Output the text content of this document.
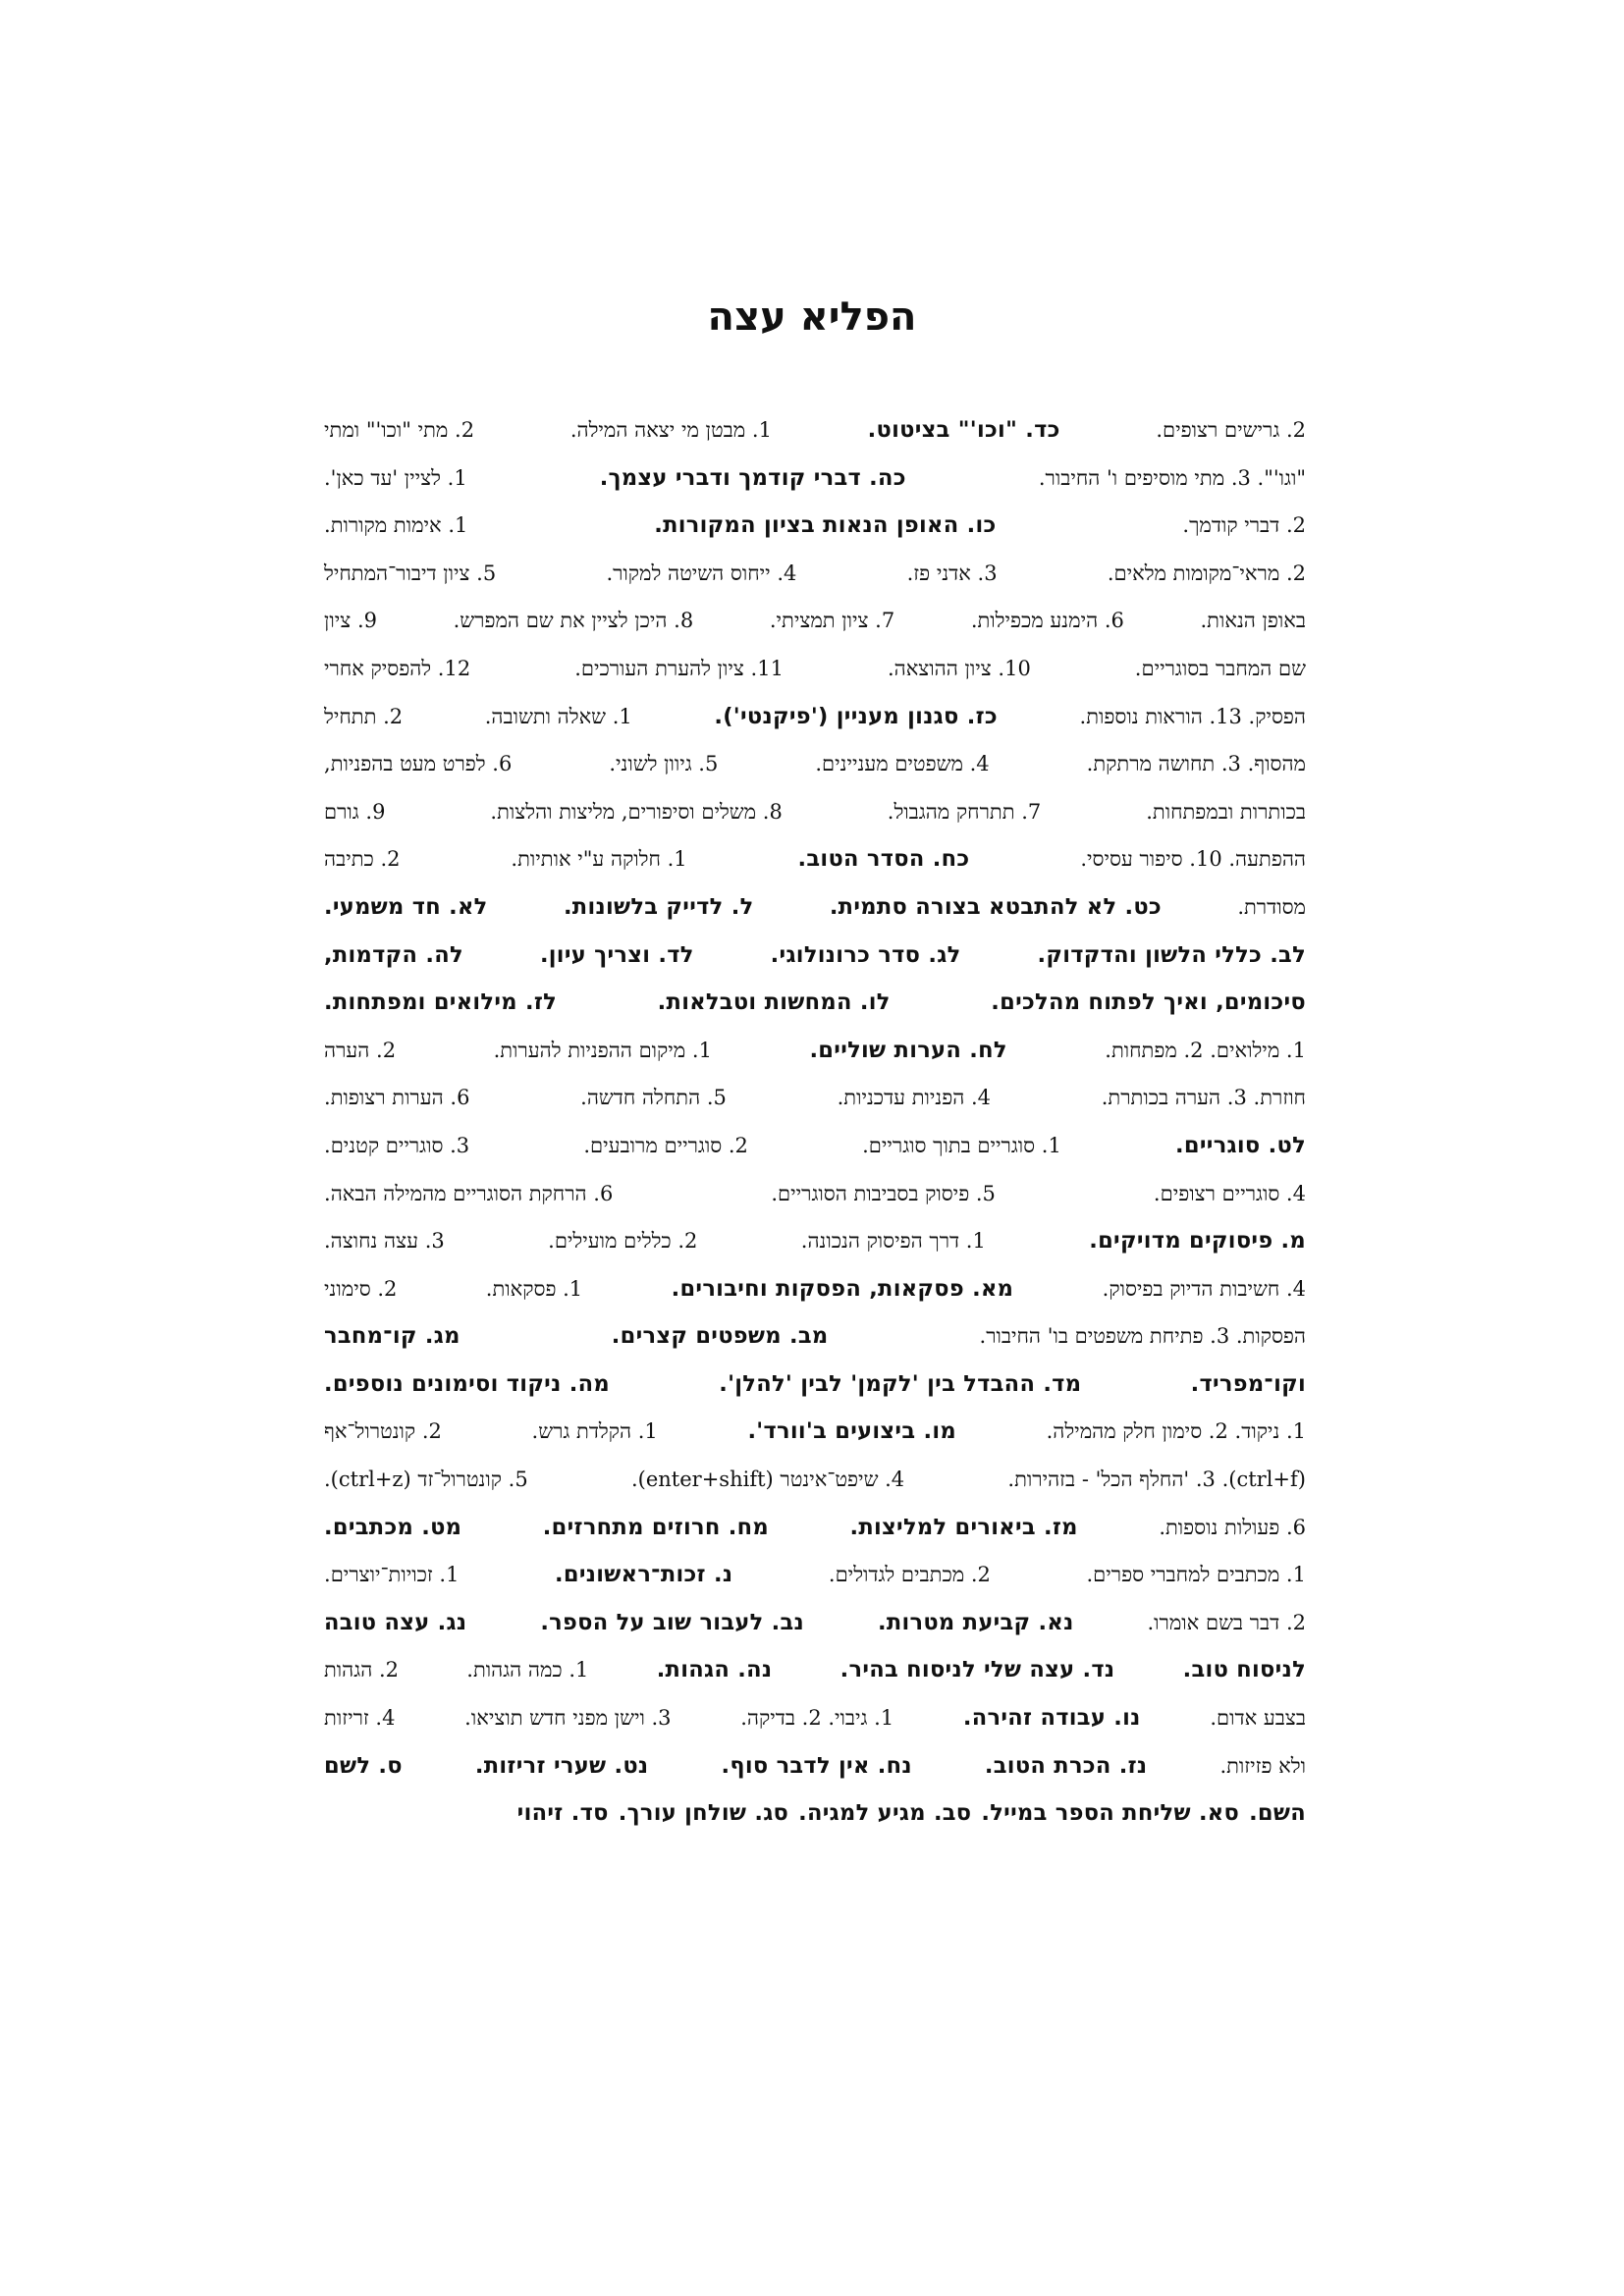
הפליא עצה
2. גרישים רצופים.
כד. "וכו'" בציטוט.
1. מבטן מי יצאה המילה.
2. מתי "וכו'" ומתי
"וגו'". 3. מתי מוסיפים ו' החיבור.
כה. דברי קודמך ודברי עצמך.
1. לציין 'עד כאן'.
2. דברי קודמך.
כו. האופן הנאות בציון המקורות.
1. אימות מקורות.
2. מראי־מקומות מלאים.
3. אדני פז.
4. ייחוס השיטה למקור.
5. ציון דיבור־המתחיל
באופן הנאות.
6. הימנע מכפילות.
7. ציון תמציתי.
8. היכן לציין את שם המפרש.
9. ציון
שם המחבר בסוגריים.
10. ציון ההוצאה.
11. ציון להערת העורכים.
12. להפסיק אחרי
הפסיק. 13. הוראות נוספות.
כז. סגנון מעניין ('פיקנטי').
1. שאלה ותשובה.
2. תתחיל
מהסוף. 3. תחושה מרתקת.
4. משפטים מעניינים.
5. גיוון לשוני.
6. לפרט מעט בהפניות,
בכותרות ובמפתחות.
7. תתרחק מהגבול.
8. משלים וסיפורים, מליצות והלצות.
9. גורם
ההפתעה. 10. סיפור עסיסי.
כח. הסדר הטוב.
1. חלוקה ע"י אותיות.
2. כתיבה
מסודרת.
כט. לא להתבטא בצורה סתמית.
ל. לדייק בלשונות.
לא. חד משמעי.
לב. כללי הלשון והדקדוק.
לג. סדר כרונולוגי.
לד. וצריך עיון.
לה. הקדמות,
סיכומים, ואיך לפתוח מהלכים.
לו. המחשות וטבלאות.
לז. מילואים ומפתחות.
1. מילואים. 2. מפתחות.
לח. הערות שוליים.
1. מיקום ההפניות להערות.
2. הערה
חוזרת. 3. הערה בכותרת.
4. הפניות עדכניות.
5. התחלה חדשה.
6. הערות רצופות.
לט. סוגריים.
1. סוגריים בתוך סוגריים.
2. סוגריים מרובעים.
3. סוגריים קטנים.
4. סוגריים רצופים.
5. פיסוק בסביבות הסוגריים.
6. הרחקת הסוגריים מהמילה הבאה.
מ. פיסוקים מדויקים.
1. דרך הפיסוק הנכונה.
2. כללים מועילים.
3. עצה נחוצה.
4. חשיבות הדיוק בפיסוק.
מא. פסקאות, הפסקות וחיבורים.
1. פסקאות.
2. סימוני
הפסקות. 3. פתיחת משפטים בו' החיבור.
מב. משפטים קצרים.
מג. קו־מחבר
וקו־מפריד.
מד. ההבדל בין 'לקמן' לבין 'להלן'.
מה. ניקוד וסימונים נוספים.
1. ניקוד. 2. סימון חלק מהמילה.
מו. ביצועים ב'וורד'.
1. הקלדת גרש.
2. קונטרול־אף
(ctrl+f). 3. 'החלף הכל' - בזהירות.
4. שיפט־אינטר (enter+shift).
5. קונטרול־זד (ctrl+z).
6. פעולות נוספות.
מז. ביאורים למליצות.
מח. חרוזים מתחרזים.
מט. מכתבים.
1. מכתבים למחברי ספרים.
2. מכתבים לגדולים.
נ. זכות־ראשונים.
1. זכויות־יוצרים.
2. דבר בשם אומרו.
נא. קביעת מטרות.
נב. לעבור שוב על הספר.
נג. עצה טובה
לניסוח טוב.
נד. עצה שלי לניסוח בהיר.
נה. הגהות.
1. כמה הגהות.
2. הגהות
בצבע אדום.
נו. עבודה זהירה.
1. גיבוי. 2. בדיקה.
3. וישן מפני חדש תוציאו.
4. זריזות
ולא פזיזות.
נז. הכרת הטוב.
נח. אין לדבר סוף.
נט. שערי זריזות.
ס. לשם
השם.
סא. שליחת הספר במייל.
סב. מגיע למגיה.
סג. שולחן עורך.
סד. זיהוי
